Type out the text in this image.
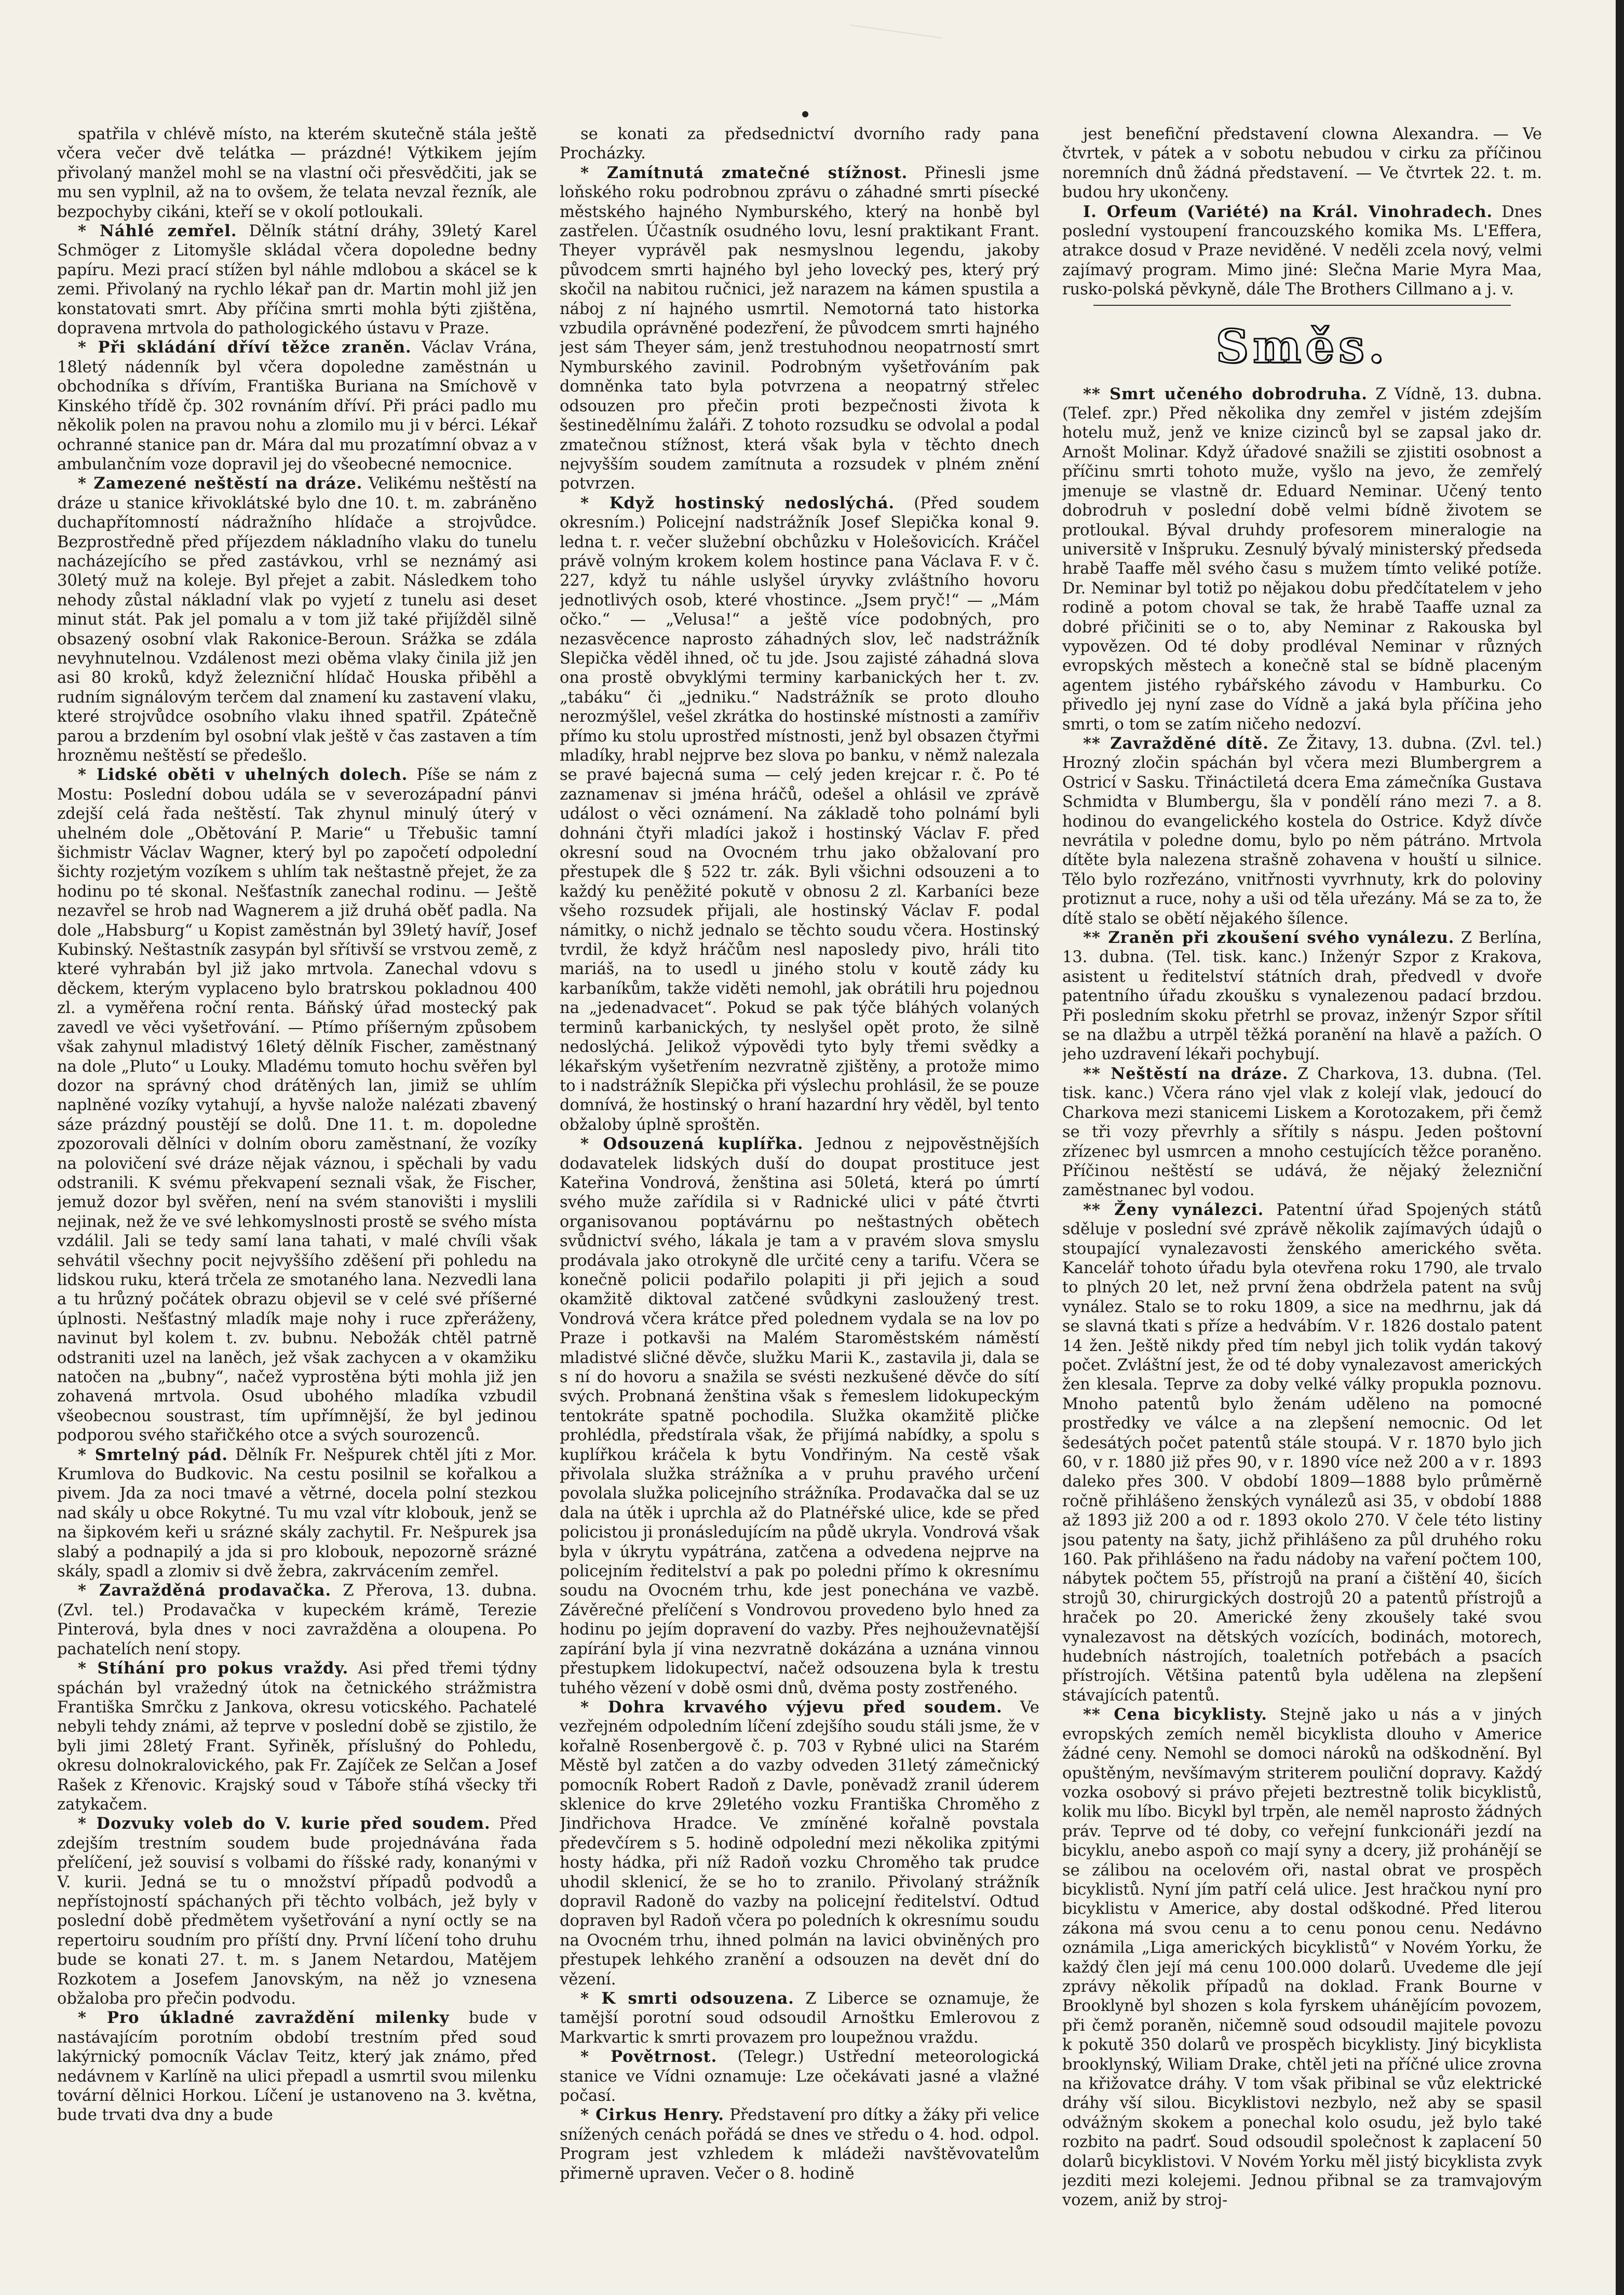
spatřila v chlévě místo, na kterém skutečně stála ještě včera večer dvě telátka — prázdné! Výtkikem jejím přivolaný manžel mohl se na vlastní oči přesvědčiti, jak se mu sen vyplnil, až na to ovšem, že telata nevzal řezník, ale bezpochyby cikáni, kteří se v okolí potloukali.

* Náhlé zemřel. Dělník státní dráhy, 39letý Karel Schmöger z Litomyšle skládal včera dopoledne bedny papíru. Mezi prací stížen byl náhle mdlobou a skácel se k zemi. Přivolaný na rychlo lékař pan dr. Martin mohl již jen konstatovati smrt. Aby příčina smrti mohla býti zjištěna, dopravena mrtvola do pathologického ústavu v Praze.

* Při skládání dříví těžce zraněn. Václav Vrána, 18letý nádenník byl včera dopoledne zaměstnán u obchodníka s dřívím, Františka Buriana na Smíchově v Kinského třídě čp. 302 rovnáním dříví. Při práci padlo mu několik polen na pravou nohu a zlomilo mu ji v bérci. Lékař ochranné stanice pan dr. Mára dal mu prozatímní obvaz a v ambulančním voze dopravil jej do všeobecné nemocnice.

* Zamezené neštěstí na dráze. Velikému neštěstí na dráze u stanice křivoklátské bylo dne 10. t. m. zabráněno duchapřítomností nádražního hlídače a strojvůdce. Bezprostředně před příjezdem nákladního vlaku do tunelu nacházejícího se před zastávkou, vrhl se neznámý asi 30letý muž na koleje. Byl přejet a zabit. Následkem toho nehody zůstal nákladní vlak po vyjetí z tunelu asi deset minut stát. Pak jel pomalu a v tom již také přijížděl silně obsazený osobní vlak Rakonice-Beroun. Srážka se zdála nevyhnutelnou. Vzdálenost mezi oběma vlaky činila již jen asi 80 kroků, když železniční hlídač Houska přiběhl a rudním signálovým terčem dal znamení ku zastavení vlaku, které strojvůdce osobního vlaku ihned spatřil. Zpátečně parou a brzdením byl osobní vlak ještě v čas zastaven a tím hrozněmu neštěstí se předešlo.

* Lidské oběti v uhelných dolech. Píše se nám z Mostu: Poslední dobou udála se v severozápadní pánvi zdejší celá řada neštěstí. Tak zhynul minulý úterý v uhelném dole „Obětování P. Marie“ u Třebušic tamní šichmistr Václav Wagner, který byl po započetí odpolední šichty rozjetým vozíkem s uhlím tak neštastně přejet, že za hodinu po té skonal. Nešťastník zanechal rodinu. — Ještě nezavřel se hrob nad Wagnerem a již druhá oběť padla. Na dole „Habsburg“ u Kopist zaměstnán byl 39letý havíř, Josef Kubinský. Neštastník zasypán byl sřítivší se vrstvou země, z které vyhrabán byl již jako mrtvola. Zanechal vdovu s děckem, kterým vyplaceno bylo bratrskou pokladnou 400 zl. a vyměřena roční renta. Báňský úřad mostecký pak zavedl ve věci vyšetřování. — Ptímo příšerným způsobem však zahynul mladistvý 16letý dělník Fischer, zaměstnaný na dole „Pluto“ u Louky. Mladému tomuto hochu svěřen byl dozor na správný chod drátěných lan, jimiž se uhlím naplněné vozíky vytahují, a hyvše nalože nalézati zbavený sáze prázdný poustějí se dolů. Dne 11. t. m. dopoledne zpozorovali dělníci v dolním oboru zaměstnaní, že vozíky na polovičení své dráze nějak váznou, i spěchali by vadu odstranili. K svému překvapení seznali však, že Fischer, jemuž dozor byl svěřen, není na svém stanovišti i myslili nejinak, než že ve své lehkomyslnosti prostě se svého místa vzdálil. Jali se tedy samí lana tahati, v malé chvíli však sehvátil všechny pocit nejvyššího zděšení při pohledu na lidskou ruku, která trčela ze smotaného lana. Nezvedli lana a tu hrůzný počátek obrazu objevil se v celé své příšerné úplnosti. Nešťastný mladík maje nohy i ruce zpřeráženy, navinut byl kolem t. zv. bubnu. Nebožák chtěl patrně odstraniti uzel na laněch, jež však zachycen a v okamžiku natočen na „bubny“, načež vyprostěna býti mohla již jen zohavená mrtvola. Osud ubohého mladíka vzbudil všeobecnou soustrast, tím upřímnější, že byl jedinou podporou svého stařičkého otce a svých sourozenců.

* Smrtelný pád. Dělník Fr. Nešpurek chtěl jíti z Mor. Krumlova do Budkovic. Na cestu posilnil se kořalkou a pivem. Jda za noci tmavé a větrné, docela polní stezkou nad skály u obce Rokytné. Tu mu vzal vítr klobouk, jenž se na šipkovém keři u srázné skály zachytil. Fr. Nešpurek jsa slabý a podnapilý a jda si pro klobouk, nepozorně srázné skály, spadl a zlomiv si dvě žebra, zakrvácením zemřel.

* Zavražděná prodavačka. Z Přerova, 13. dubna. (Zvl. tel.) Prodavačka v kupeckém krámě, Terezie Pinterová, byla dnes v noci zavražděna a oloupena. Po pachatelích není stopy.

* Stíhání pro pokus vraždy. Asi před třemi týdny spáchán byl vražedný útok na četnického strážmistra Františka Smrčku z Jankova, okresu voticského. Pachatelé nebyli tehdy známi, až teprve v poslední době se zjistilo, že byli jimi 28letý Frant. Syřiněk, příslušný do Pohledu, okresu dolnokralovického, pak Fr. Zajíček ze Selčan a Josef Rašek z Křenovic. Krajský soud v Táboře stíhá všecky tři zatykačem.

* Dozvuky voleb do V. kurie před soudem. Před zdejším trestním soudem bude projednávána řada přelíčení, jež souvisí s volbami do říšské rady, konanými v V. kurii. Jedná se tu o množství případů podvodů a nepřístojností spáchaných při těchto volbách, jež byly v poslední době předmětem vyšetřování a nyní octly se na repertoiru soudním pro příští dny. První líčení toho druhu bude se konati 27. t. m. s Janem Netardou, Matějem Rozkotem a Josefem Janovským, na něž jo vznesena obžaloba pro přečin podvodu.

* Pro úkladné zavraždění milenky bude v nastávajícím porotním období trestním před soud lakýrnický pomocník Václav Teitz, který jak známo, před nedávnem v Karlíně na ulici přepadl a usmrtil svou milenku tovární dělnici Horkou. Líčení je ustanoveno na 3. května, bude trvati dva dny a bude

se konati za předsednictví dvorního rady pana Procházky.

* Zamítnutá zmatečné stížnost. Přinesli jsme loňského roku podrobnou zprávu o záhadné smrti písecké městského hajného Nymburského, který na honbě byl zastřelen. Účastník osudného lovu, lesní praktikant Frant. Theyer vyprávěl pak nesmyslnou legendu, jakoby původcem smrti hajného byl jeho lovecký pes, který prý skočil na nabitou ručnici, jež narazem na kámen spustila a náboj z ní hajného usmrtil. Nemotorná tato historka vzbudila oprávněné podezření, že původcem smrti hajného jest sám Theyer sám, jenž trestuhodnou neopatrností smrt Nymburského zavinil. Podrobným vyšetřováním pak domněnka tato byla potvrzena a neopatrný střelec odsouzen pro přečin proti bezpečnosti života k šestinedělnímu žaláři. Z tohoto rozsudku se odvolal a podal zmatečnou stížnost, která však byla v těchto dnech nejvyšším soudem zamítnuta a rozsudek v plném znění potvrzen.

* Když hostinský nedoslýchá. (Před soudem okresním.) Policejní nadstrážník Josef Slepička konal 9. ledna t. r. večer služební obchůzku v Holešovicích. Kráčel právě volným krokem kolem hostince pana Václava F. v č. 227, když tu náhle uslyšel úryvky zvláštního hovoru jednotlivých osob, které vhostince. „Jsem pryč!“ — „Mám očko.“ — „Velusa!“ a ještě více podobných, pro nezasvěcence naprosto záhadných slov, leč nadstrážník Slepička věděl ihned, oč tu jde. Jsou zajisté záhadná slova ona prostě obvyklými terminy karbanických her t. zv. „tabáku“ či „jedniku.“ Nadstrážník se proto dlouho nerozmýšlel, vešel zkrátka do hostinské místnosti a zamířiv přímo ku stolu uprostřed místnosti, jenž byl obsazen čtyřmi mladíky, hrabl nejprve bez slova po banku, v němž nalezala se pravé bajecná suma — celý jeden krejcar r. č. Po té zaznamenav si jména hráčů, odešel a ohlásil ve zprávě událost o věci oznámení. Na základě toho polnámí byli dohnáni čtyři mladíci jakož i hostinský Václav F. před okresní soud na Ovocném trhu jako obžalovaní pro přestupek dle § 522 tr. zák. Byli všichni odsouzeni a to každý ku peněžité pokutě v obnosu 2 zl. Karbaníci beze všeho rozsudek přijali, ale hostinský Václav F. podal námitky, o nichž jednalo se těchto soudu včera. Hostinský tvrdil, že když hráčům nesl naposledy pivo, hráli tito mariáš, na to usedl u jiného stolu v koutě zády ku karbaníkům, takže viděti nemohl, jak obrátili hru pojednou na „jedenadvacet“. Pokud se pak týče bláhých volaných terminů karbanických, ty neslyšel opět proto, že silně nedoslýchá. Jelikož výpovědi tyto byly třemi svědky a lékařským vyšetřením nezvratně zjištěny, a protože mimo to i nadstrážník Slepička při výslechu prohlásil, že se pouze domnívá, že hostinský o hraní hazardní hry věděl, byl tento obžaloby úplně sproštěn.

* Odsouzená kuplířka. Jednou z nejpověstnějších dodavatelek lidských duší do doupat prostituce jest Kateřina Vondrová, ženština asi 50letá, která po úmrtí svého muže zařídila si v Radnické ulici v páté čtvrti organisovanou poptávárnu po neštastných obětech svůdnictví svého, lákala je tam a v pravém slova smyslu prodávala jako otrokyně dle určité ceny a tarifu. Včera se konečně policii podařilo polapiti ji při jejich a soud okamžitě diktoval zatčené svůdkyni zasloužený trest. Vondrová včera krátce před polednem vydala se na lov po Praze i potkavši na Malém Staroměstském náměstí mladistvé sličné děvče, služku Marii K., zastavila ji, dala se s ní do hovoru a snažila se svésti nezkušené děvče do sítí svých. Probnaná ženština však s řemeslem lidokupeckým tentokráte spatně pochodila. Služka okamžitě pličke prohlédla, předstírala však, že přijímá nabídky, a spolu s kuplířkou kráčela k bytu Vondřiným. Na cestě však přivolala služka strážníka a v pruhu pravého určení povolala služka policejního strážníka. Prodavačka dal se uz dala na útěk i uprchla až do Platnéřské ulice, kde se před policistou ji pronásledujícím na půdě ukryla. Vondrová však byla v úkrytu vypátrána, zatčena a odvedena nejprve na policejním ředitelství a pak po poledni přímo k okresnímu soudu na Ovocném trhu, kde jest ponechána ve vazbě. Závěrečné přelíčení s Vondrovou provedeno bylo hned za hodinu po jejím dopravení do vazby. Přes nejhouževnatější zapírání byla jí vina nezvratně dokázána a uznána vinnou přestupkem lidokupectví, načež odsouzena byla k trestu tuhého vězení v době osmi dnů, dvěma posty zostřeného.

* Dohra krvavého výjevu před soudem. Ve vezřejném odpoledním líčení zdejšího soudu stáli jsme, že v kořalně Rosenbergově č. p. 703 v Rybné ulici na Starém Městě byl zatčen a do vazby odveden 31letý zámečnický pomocník Robert Radoň z Davle, poněvadž zranil úderem sklenice do krve 29letého vozku Františka Chroměho z Jindřichova Hradce. Ve zmíněné kořalně povstala předevčírem s 5. hodině odpolední mezi několika zpitými hosty hádka, při níž Radoň vozku Chroměho tak prudce uhodil sklenicí, že se ho to zranilo. Přivolaný strážník dopravil Radoně do vazby na policejní ředitelství. Odtud dopraven byl Radoň včera po poledních k okresnímu soudu na Ovocném trhu, ihned polmán na lavici obviněných pro přestupek lehkého zranění a odsouzen na devět dní do vězení.

* K smrti odsouzena. Z Liberce se oznamuje, že tamější porotní soud odsoudil Arnoštku Emlerovou z Markvartic k smrti provazem pro loupežnou vraždu.

* Povětrnost. (Telegr.) Ustřední meteorologická stanice ve Vídni oznamuje: Lze očekávati jasné a vlažné počasí.

* Cirkus Henry. Představení pro dítky a žáky při velice snížených cenách pořádá se dnes ve středu o 4. hod. odpol. Program jest vzhledem k mládeži navštěvovatelům přimerně upraven. Večer o 8. hodině

jest benefiční představení clowna Alexandra. — Ve čtvrtek, v pátek a v sobotu nebudou v cirku za příčinou noremních dnů žádná představení. — Ve čtvrtek 22. t. m. budou hry ukončeny.

I. Orfeum (Variété) na Král. Vinohradech. Dnes poslední vystoupení francouzského komika Ms. L'Effera, atrakce dosud v Praze neviděné. V neděli zcela nový, velmi zajímavý program. Mimo jiné: Slečna Marie Myra Maa, rusko-polská pěvkyně, dále The Brothers Cillmano a j. v.

Směs.

** Smrt učeného dobrodruha. Z Vídně, 13. dubna. (Telef. zpr.) Před několika dny zemřel v jistém zdejším hotelu muž, jenž ve knize cizinců byl se zapsal jako dr. Arnošt Molinar. Když úřadové snažili se zjistiti osobnost a příčinu smrti tohoto muže, vyšlo na jevo, že zemřelý jmenuje se vlastně dr. Eduard Neminar. Učený tento dobrodruh v poslední době velmi bídně životem se protloukal. Býval druhdy profesorem mineralogie na universitě v Inšpruku. Zesnulý bývalý ministerský předseda hrabě Taaffe měl svého času s mužem tímto veliké potíže. Dr. Neminar byl totiž po nějakou dobu předčítatelem v jeho rodině a potom choval se tak, že hrabě Taaffe uznal za dobré přičiniti se o to, aby Neminar z Rakouska byl vypovězen. Od té doby prodléval Neminar v různých evropských městech a konečně stal se bídně placeným agentem jistého rybářského závodu v Hamburku. Co přivedlo jej nyní zase do Vídně a jaká byla příčina jeho smrti, o tom se zatím ničeho nedozví.

** Zavražděné dítě. Ze Žitavy, 13. dubna. (Zvl. tel.) Hrozný zločin spáchán byl včera mezi Blumbergrem a Ostricí v Sasku. Třináctiletá dcera Ema zámečníka Gustava Schmidta v Blumbergu, šla v pondělí ráno mezi 7. a 8. hodinou do evangelického kostela do Ostrice. Když dívče nevrátila v poledne domu, bylo po něm pátráno. Mrtvola dítěte byla nalezena strašně zohavena v houští u silnice. Tělo bylo rozřezáno, vnitřnosti vyvrhnuty, krk do poloviny protiznut a ruce, nohy a uši od těla uřezány. Má se za to, že dítě stalo se obětí nějakého šílence.

** Zraněn při zkoušení svého vynálezu. Z Berlína, 13. dubna. (Tel. tisk. kanc.) Inženýr Szpor z Krakova, asistent u ředitelství státních drah, předvedl v dvoře patentního úřadu zkoušku s vynalezenou padací brzdou. Při posledním skoku přetrhl se provaz, inženýr Szpor sřítil se na dlažbu a utrpěl těžká poranění na hlavě a pažích. O jeho uzdravení lékaři pochybují.

** Neštěstí na dráze. Z Charkova, 13. dubna. (Tel. tisk. kanc.) Včera ráno vjel vlak z kolejí vlak, jedoucí do Charkova mezi stanicemi Liskem a Korotozakem, při čemž se tři vozy převrhly a sřítily s náspu. Jeden poštovní zřízenec byl usmrcen a mnoho cestujících těžce poraněno. Příčinou neštěstí se udává, že nějaký železniční zaměstnanec byl vodou.

** Ženy vynálezci. Patentní úřad Spojených států sděluje v poslední své zprávě několik zajímavých údajů o stoupající vynalezavosti ženského amerického světa. Kancelář tohoto úřadu byla otevřena roku 1790, ale trvalo to plných 20 let, než první žena obdržela patent na svůj vynález. Stalo se to roku 1809, a sice na medhrnu, jak dá se slavná tkati s příze a hedvábím. V r. 1826 dostalo patent 14 žen. Ještě nikdy před tím nebyl jich tolik vydán takový počet. Zvláštní jest, že od té doby vynalezavost amerických žen klesala. Teprve za doby velké války propukla poznovu. Mnoho patentů bylo ženám uděleno na pomocné prostředky ve válce a na zlepšení nemocnic. Od let šedesátých počet patentů stále stoupá. V r. 1870 bylo jich 60, v r. 1880 již přes 90, v r. 1890 více než 200 a v r. 1893 daleko přes 300. V období 1809—1888 bylo průměrně ročně přihlášeno ženských vynálezů asi 35, v období 1888 až 1893 již 200 a od r. 1893 okolo 270. V čele této listiny jsou patenty na šaty, jichž přihlášeno za půl druhého roku 160. Pak přihlášeno na řadu nádoby na vaření počtem 100, nábytek počtem 55, přístrojů na praní a čištění 40, šicích strojů 30, chirurgických dostrojů 20 a patentů přístrojů a hraček po 20. Americké ženy zkoušely také svou vynalezavost na dětských vozících, bodinách, motorech, hudebních nástrojích, toaletních potřebách a psacích přístrojích. Většina patentů byla udělena na zlepšení stávajících patentů.

** Cena bicyklisty. Stejně jako u nás a v jiných evropských zemích neměl bicyklista dlouho v Americe žádné ceny. Nemohl se domoci nároků na odškodnění. Byl opuštěným, nevšímavým striterem pouliční dopravy. Každý vozka osobový si právo přejeti beztrestně tolik bicyklistů, kolik mu líbo. Bicykl byl trpěn, ale neměl naprosto žádných práv. Teprve od té doby, co veřejní funkcionáři jezdí na bicyklu, anebo aspoň co mají syny a dcery, již prohánějí se se zálibou na ocelovém oři, nastal obrat ve prospěch bicyklistů. Nyní jím patří celá ulice. Jest hračkou nyní pro bicyklistu v Americe, aby dostal odškodné. Před literou zákona má svou cenu a to cenu ponou cenu. Nedávno oznámila „Liga amerických bicyklistů“ v Novém Yorku, že každý člen její má cenu 100.000 dolarů. Uvedeme dle její zprávy několik případů na doklad. Frank Bourne v Brooklyně byl shozen s kola fyrskem uhánějícím povozem, při čemž poraněn, ničemně soud odsoudil majitele povozu k pokutě 350 dolarů ve prospěch bicyklisty. Jiný bicyklista brooklynský, Wiliam Drake, chtěl jeti na příčné ulice zrovna na křižovatce dráhy. V tom však přibinal se vůz elektrické dráhy vší silou. Bicyklistovi nezbylo, než aby se spasil odvážným skokem a ponechal kolo osudu, jež bylo také rozbito na padrť. Soud odsoudil společnost k zaplacení 50 dolarů bicyklistovi. V Novém Yorku měl jistý bicyklista zvyk jezditi mezi kolejemi. Jednou přibnal se za tramvajovým vozem, aniž by stroj-
